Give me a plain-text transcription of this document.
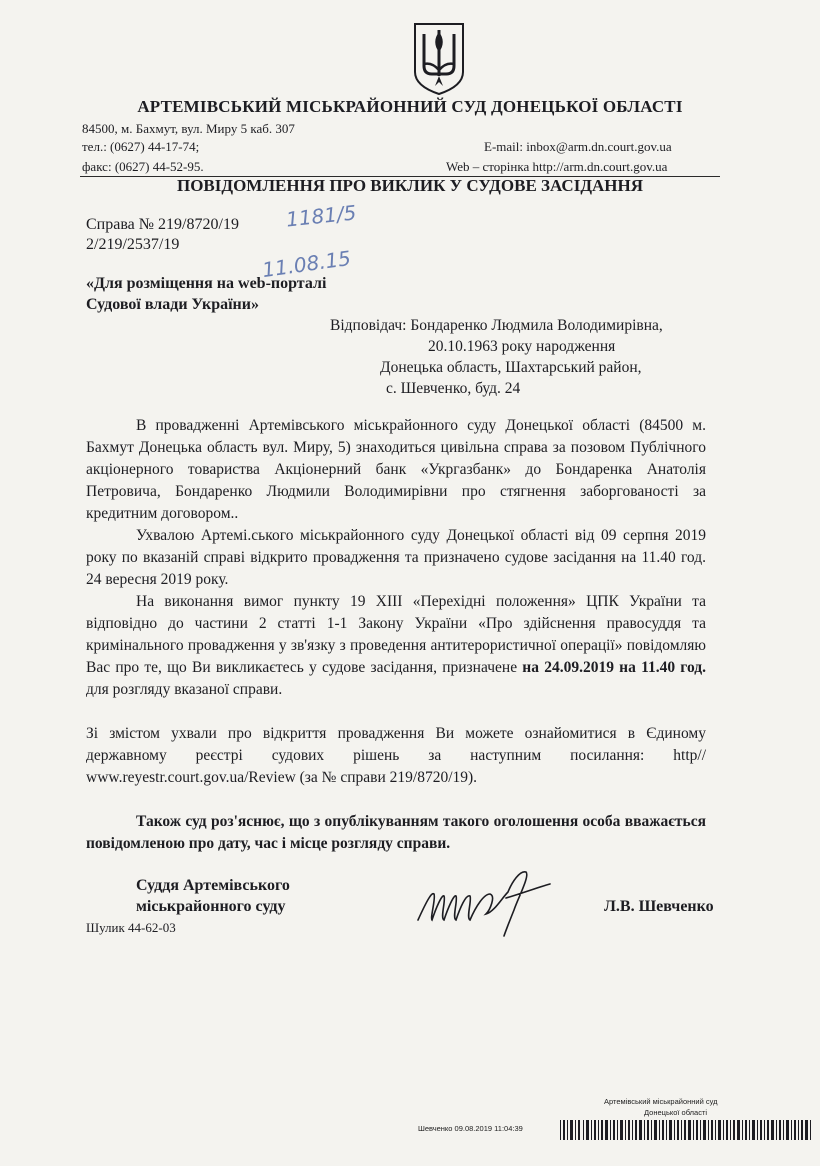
АРТЕМІВСЬКИЙ МІСЬКРАЙОННИЙ СУД ДОНЕЦЬКОЇ ОБЛАСТІ
84500, м. Бахмут, вул. Миру 5 каб. 307
тел.: (0627) 44-17-74;
факс: (0627) 44-52-95.
E-mail: inbox@arm.dn.court.gov.ua
Web – сторінка http://arm.dn.court.gov.ua
ПОВІДОМЛЕННЯ ПРО ВИКЛИК У СУДОВЕ ЗАСІДАННЯ
Справа № 219/8720/19
2/219/2537/19
1181/5
11.08.15
«Для розміщення на web-порталі
Судової влади України»
Відповідач: Бондаренко Людмила Володимирівна,
20.10.1963 року народження
Донецька область, Шахтарський район,
с. Шевченко, буд. 24

В провадженні Артемівського міськрайонного суду Донецької області (84500 м. Бахмут Донецька область вул. Миру, 5) знаходиться цивільна справа за позовом Публічного акціонерного товариства Акціонерний банк «Укргазбанк» до Бондаренка Анатолія Петровича, Бондаренко Людмили Володимирівни про стягнення заборгованості за кредитним договором..

Ухвалою Артемі.ського міськрайонного суду Донецької області від 09 серпня 2019 року по вказаній справі відкрито провадження та призначено судове засідання на 11.40 год. 24 вересня 2019 року.

На виконання вимог пункту 19 XIII «Перехідні положення» ЦПК України та відповідно до частини 2 статті 1-1 Закону України «Про здійснення правосуддя та кримінального провадження у зв'язку з проведення антитерористичної операції» повідомляю Вас про те, що Ви викликаєтесь у судове засідання, призначене на 24.09.2019 на 11.40 год. для розгляду вказаної справи.

Зі змістом ухвали про відкриття провадження Ви можете ознайомитися в Єдиному державному реєстрі судових рішень за наступним посилання: http// www.reyestr.court.gov.ua/Review (за № справи 219/8720/19).

Також суд роз'яснює, що з опублікуванням такого оголошення особа вважається повідомленою про дату, час і місце розгляду справи.

Суддя Артемівського
міськрайонного суду
Шулик 44-62-03
Л.В. Шевченко
Артемівський міськрайонний суд
Донецької області
Шевченко 09.08.2019 11:04:39
